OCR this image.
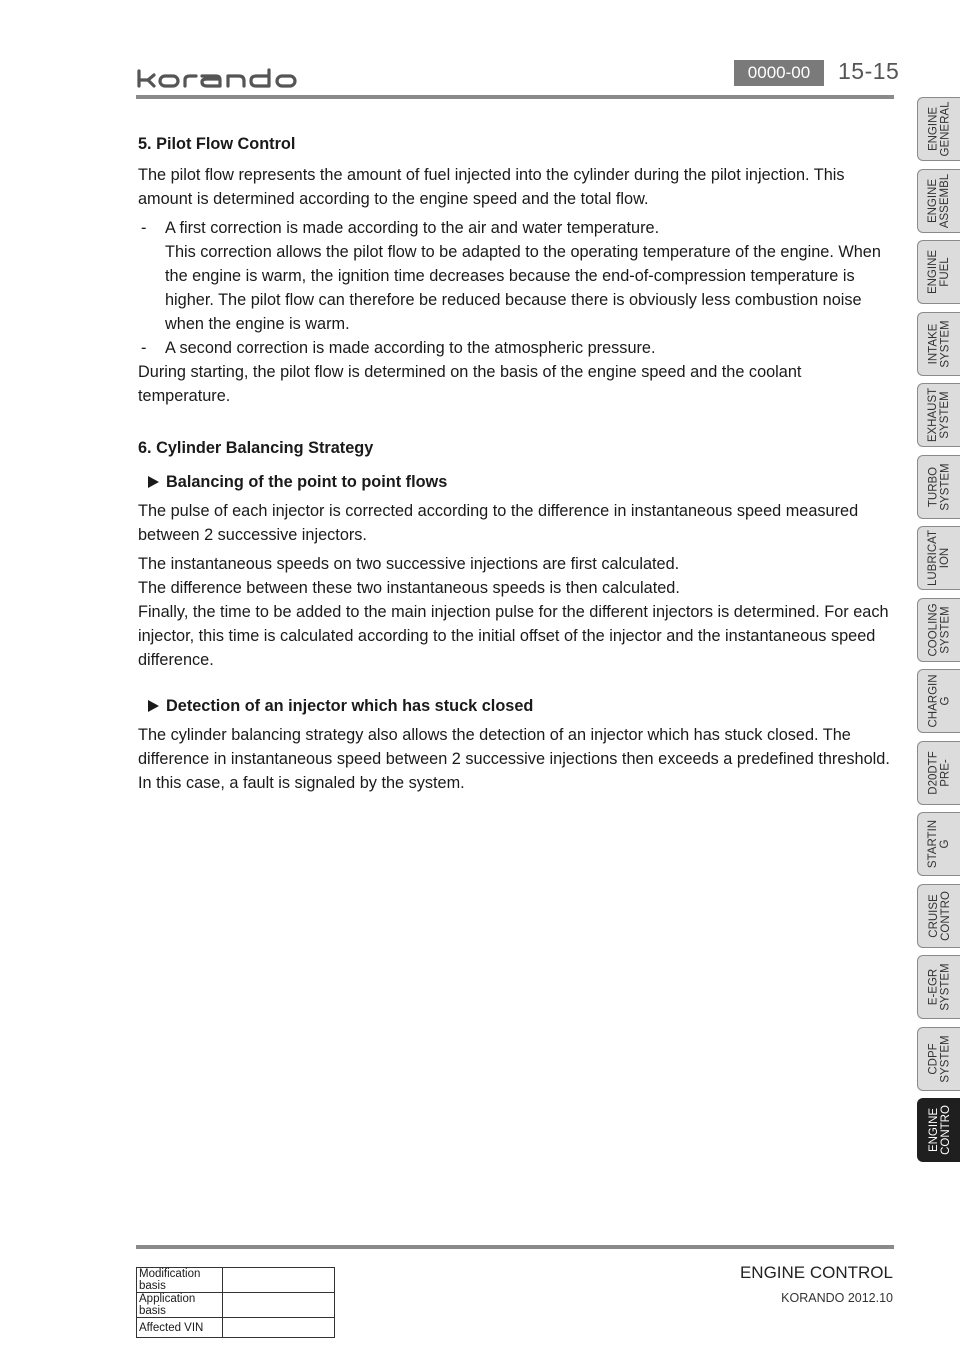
0000-00	15-15

5. Pilot Flow Control

The pilot flow represents the amount of fuel injected into the cylinder during the pilot injection. This amount is determined according to the engine speed and the total flow.

-	A first correction is made according to the air and water temperature.
This correction allows the pilot flow to be adapted to the operating temperature of the engine. When the engine is warm, the ignition time decreases because the end-of-compression temperature is higher. The pilot flow can therefore be reduced because there is obviously less combustion noise when the engine is warm.
-	A second correction is made according to the atmospheric pressure.

During starting, the pilot flow is determined on the basis of the engine speed and the coolant temperature.

6. Cylinder Balancing Strategy

Balancing of the point to point flows

The pulse of each injector is corrected according to the difference in instantaneous speed measured between 2 successive injectors.

The instantaneous speeds on two successive injections are first calculated.

The difference between these two instantaneous speeds is then calculated.

Finally, the time to be added to the main injection pulse for the different injectors is determined. For each injector, this time is calculated according to the initial offset of the injector and the instantaneous speed difference.

Detection of an injector which has stuck closed

The cylinder balancing strategy also allows the detection of an injector which has stuck closed. The difference in instantaneous speed between 2 successive injections then exceeds a predefined threshold. In this case, a fault is signaled by the system.

ENGINE
GENERAL
ENGINE
ASSEMBL
ENGINE
FUEL
INTAKE
SYSTEM
EXHAUST
SYSTEM
TURBO
SYSTEM
LUBRICAT
ION
COOLING
SYSTEM
CHARGIN
G
D20DTF
PRE-
STARTIN
G
CRUISE
CONTRO
E-EGR
SYSTEM
CDPF
SYSTEM
ENGINE
CONTRO
ENGINE CONTROL
KORANDO 2012.10
Modification basis	
Application basis	
Affected VIN	
